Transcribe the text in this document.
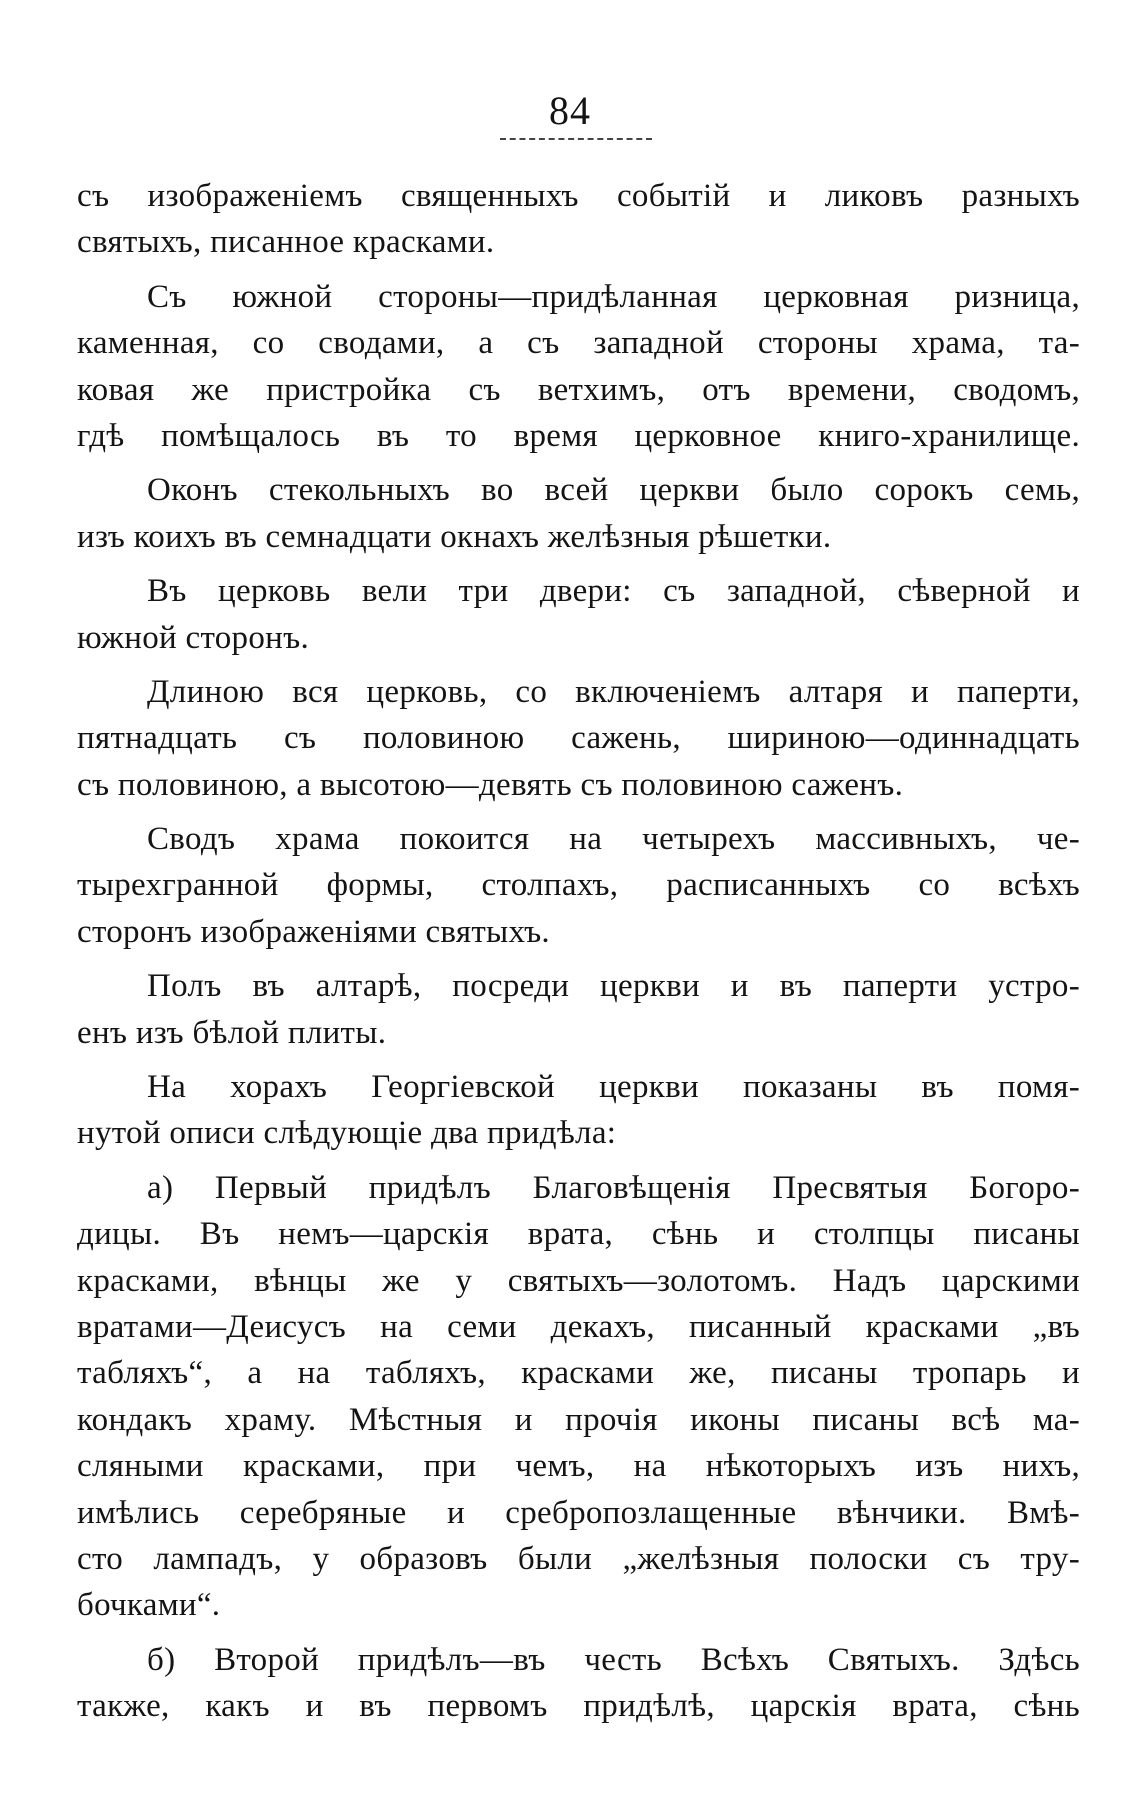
84
съ изображеніемъ священныхъ событій и ликовъ разныхъ
святыхъ, писанное красками.
Съ южной стороны—придѣланная церковная ризница,
каменная, со сводами, а съ западной стороны храма, та-
ковая же пристройка съ ветхимъ, отъ времени, сводомъ,
гдѣ помѣщалось въ то время церковное книго-хранилище.
Оконъ стекольныхъ во всей церкви было сорокъ семь,
изъ коихъ въ семнадцати окнахъ желѣзныя рѣшетки.
Въ церковь вели три двери: съ западной, сѣверной и
южной сторонъ.
Длиною вся церковь, со включеніемъ алтаря и паперти,
пятнадцать съ половиною сажень, шириною—одиннадцать
съ половиною, а высотою—девять съ половиною саженъ.
Сводъ храма покоится на четырехъ массивныхъ, че-
тырехгранной формы, столпахъ, расписанныхъ со всѣхъ
сторонъ изображеніями святыхъ.
Полъ въ алтарѣ, посреди церкви и въ паперти устро-
енъ изъ бѣлой плиты.
На хорахъ Георгіевской церкви показаны въ помя-
нутой описи слѣдующіе два придѣла:
а) Первый придѣлъ Благовѣщенія Пресвятыя Богоро-
дицы. Въ немъ—царскія врата, сѣнь и столпцы писаны
красками, вѣнцы же у святыхъ—золотомъ. Надъ царскими
вратами—Деисусъ на семи декахъ, писанный красками „въ
табляхъ“, а на табляхъ, красками же, писаны тропарь и
кондакъ храму. Мѣстныя и прочія иконы писаны всѣ ма-
сляными красками, при чемъ, на нѣкоторыхъ изъ нихъ,
имѣлись серебряные и сребропозлащенные вѣнчики. Вмѣ-
сто лампадъ, у образовъ были „желѣзныя полоски съ тру-
бочками“.
б) Второй придѣлъ—въ честь Всѣхъ Святыхъ. Здѣсь
также, какъ и въ первомъ придѣлѣ, царскія врата, сѣнь
